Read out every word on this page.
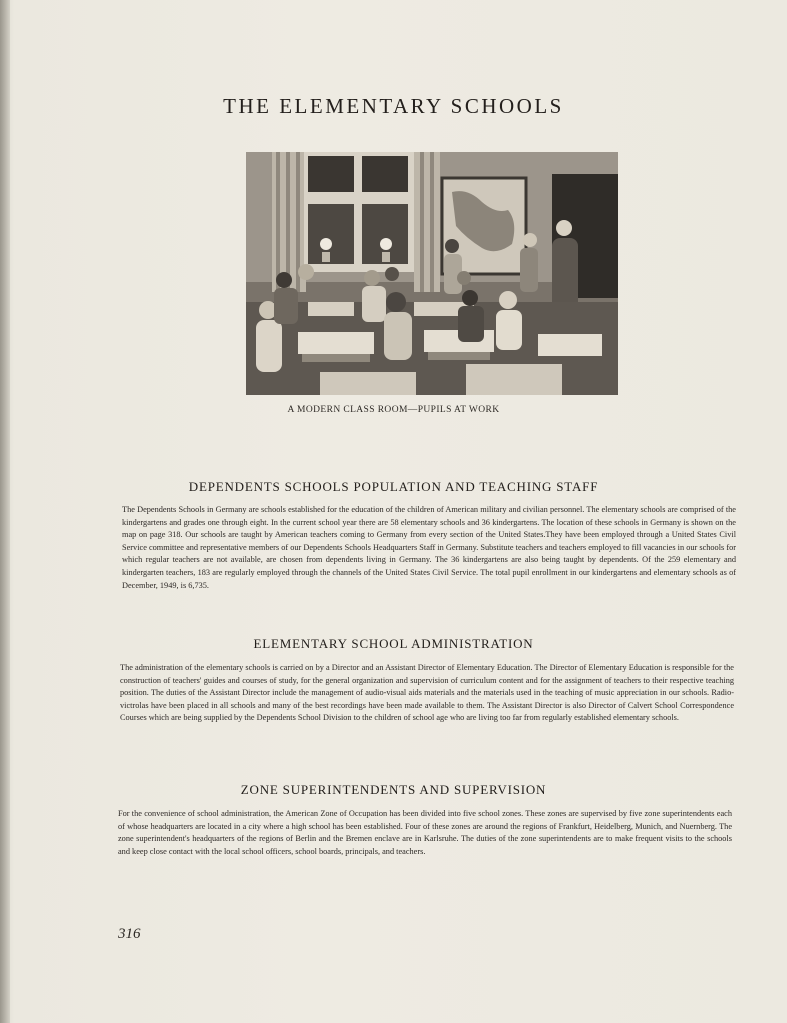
THE ELEMENTARY SCHOOLS
A MODERN CLASS ROOM—PUPILS AT WORK
DEPENDENTS SCHOOLS POPULATION AND TEACHING STAFF

The Dependents Schools in Germany are schools established for the education of the children of American military and civilian personnel. The elementary schools are comprised of the kindergartens and grades one through eight. In the current school year there are 58 elementary schools and 36 kindergartens. The location of these schools in Germany is shown on the map on page 318. Our schools are taught by American teachers coming to Germany from every section of the United States.They have been employed through a United States Civil Service committee and representative members of our Dependents Schools Headquarters Staff in Germany. Substitute teachers and teachers employed to fill vacancies in our schools for which regular teachers are not available, are chosen from dependents living in Germany. The 36 kindergartens are also being taught by dependents. Of the 259 elementary and kindergarten teachers, 183 are regularly employed through the channels of the United States Civil Service. The total pupil enrollment in our kindergartens and elementary schools as of December, 1949, is 6,735.

ELEMENTARY SCHOOL ADMINISTRATION

The administration of the elementary schools is carried on by a Director and an Assistant Director of Elementary Education. The Director of Elementary Education is responsible for the construction of teachers' guides and courses of study, for the general organization and supervision of curriculum content and for the assignment of teachers to their respective teaching position. The duties of the Assistant Director include the management of audio-visual aids materials and the materials used in the teaching of music appreciation in our schools. Radio-victrolas have been placed in all schools and many of the best recordings have been made available to them. The Assistant Director is also Director of Calvert School Correspondence Courses which are being supplied by the Dependents School Division to the children of school age who are living too far from regularly established elementary schools.

ZONE SUPERINTENDENTS AND SUPERVISION

For the convenience of school administration, the American Zone of Occupation has been divided into five school zones. These zones are supervised by five zone superintendents each of whose headquarters are located in a city where a high school has been established. Four of these zones are around the regions of Frankfurt, Heidelberg, Munich, and Nuernberg. The zone superintendent's headquarters of the regions of Berlin and the Bremen enclave are in Karlsruhe. The duties of the zone superintendents are to make frequent visits to the schools and keep close contact with the local school officers, school boards, principals, and teachers.

316
